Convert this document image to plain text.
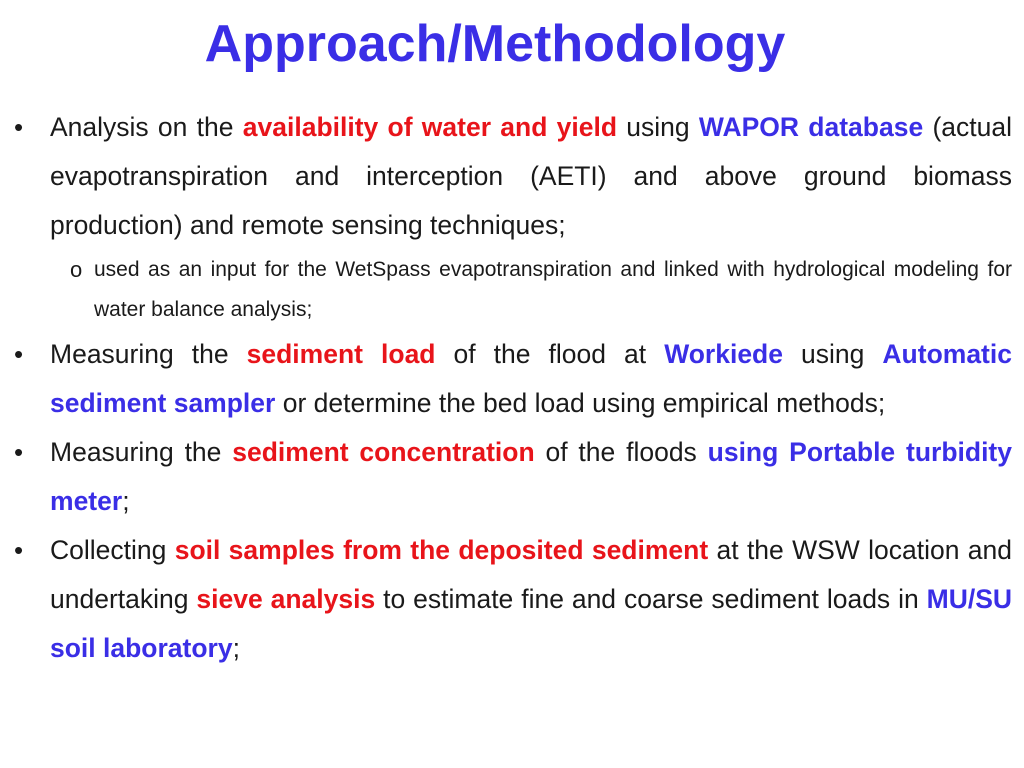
Approach/Methodology
• Analysis on the availability of water and yield using WAPOR database (actual evapotranspiration and interception (AETI) and above ground biomass production) and remote sensing techniques;
o used as an input for the WetSpass evapotranspiration and linked with hydrological modeling for water balance analysis;
• Measuring the sediment load of the flood at Workiede using Automatic sediment sampler or determine the bed load using empirical methods;
• Measuring the sediment concentration of the floods using Portable turbidity meter;
• Collecting soil samples from the deposited sediment at the WSW location and undertaking sieve analysis to estimate fine and coarse sediment loads in MU/SU soil laboratory;
